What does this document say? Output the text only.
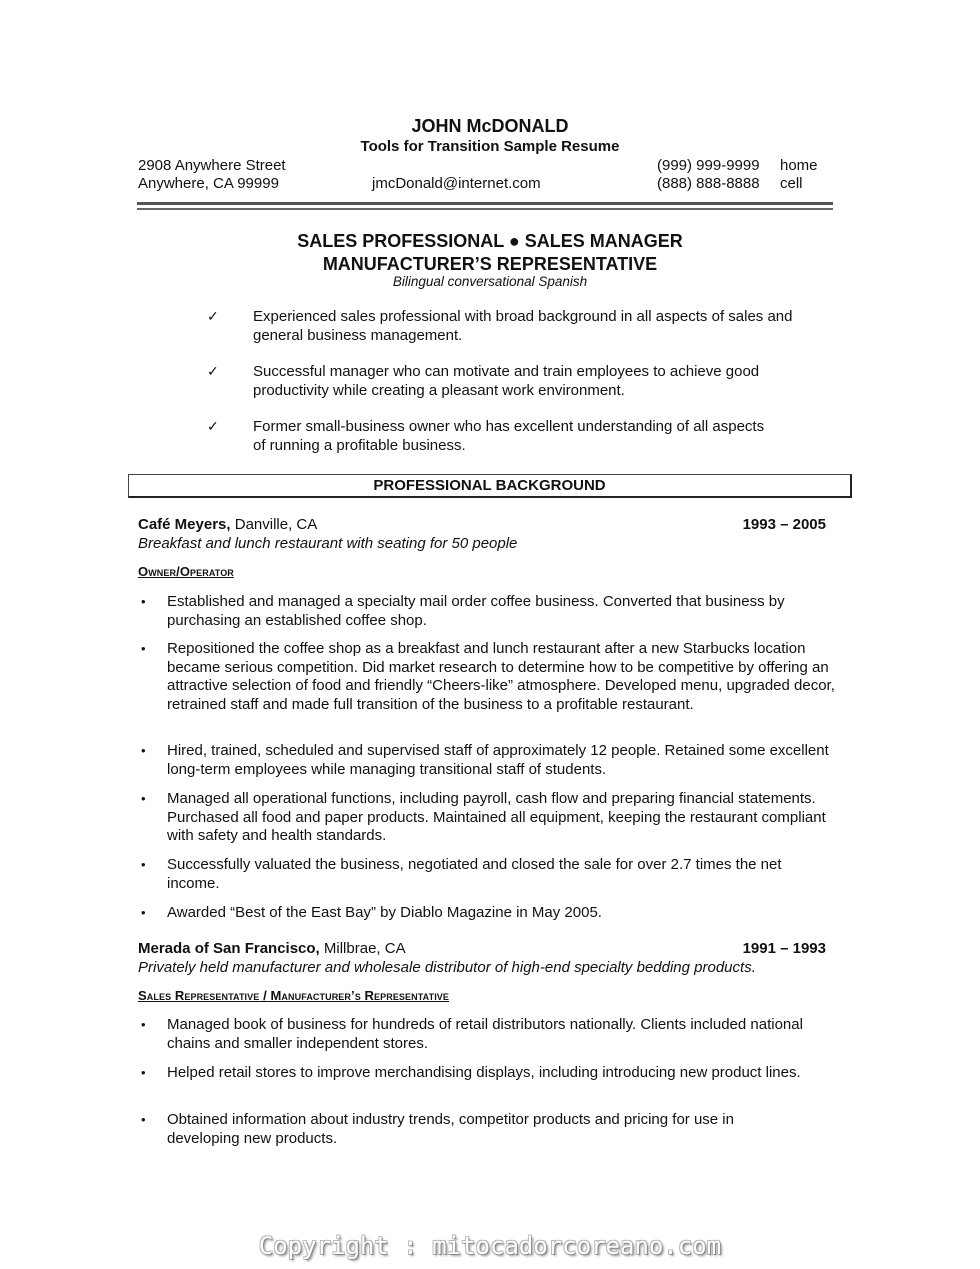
JOHN McDONALD
Tools for Transition Sample Resume
2908 Anywhere Street
Anywhere, CA 99999	jmcDonald@internet.com
(999) 999-9999 home
(888) 888-8888 cell
SALES PROFESSIONAL ● SALES MANAGER
MANUFACTURER’S REPRESENTATIVE
Bilingual conversational Spanish
✓ Experienced sales professional with broad background in all aspects of sales and general business management.
✓ Successful manager who can motivate and train employees to achieve good productivity while creating a pleasant work environment.
✓ Former small-business owner who has excellent understanding of all aspects of running a profitable business.
PROFESSIONAL BACKGROUND
Café Meyers, Danville, CA	1993 – 2005
Breakfast and lunch restaurant with seating for 50 people
Owner/Operator
• Established and managed a specialty mail order coffee business. Converted that business by purchasing an established coffee shop.
• Repositioned the coffee shop as a breakfast and lunch restaurant after a new Starbucks location became serious competition. Did market research to determine how to be competitive by offering an attractive selection of food and friendly “Cheers-like” atmosphere. Developed menu, upgraded decor, retrained staff and made full transition of the business to a profitable restaurant.
• Hired, trained, scheduled and supervised staff of approximately 12 people. Retained some excellent long-term employees while managing transitional staff of students.
• Managed all operational functions, including payroll, cash flow and preparing financial statements. Purchased all food and paper products. Maintained all equipment, keeping the restaurant compliant with safety and health standards.
• Successfully valuated the business, negotiated and closed the sale for over 2.7 times the net income.
• Awarded “Best of the East Bay” by Diablo Magazine in May 2005.
Merada of San Francisco, Millbrae, CA	1991 – 1993
Privately held manufacturer and wholesale distributor of high-end specialty bedding products.
Sales Representative / Manufacturer’s Representative
• Managed book of business for hundreds of retail distributors nationally. Clients included national chains and smaller independent stores.
• Helped retail stores to improve merchandising displays, including introducing new product lines.
• Obtained information about industry trends, competitor products and pricing for use in developing new products.
Copyright : mitocadorcoreano.com
